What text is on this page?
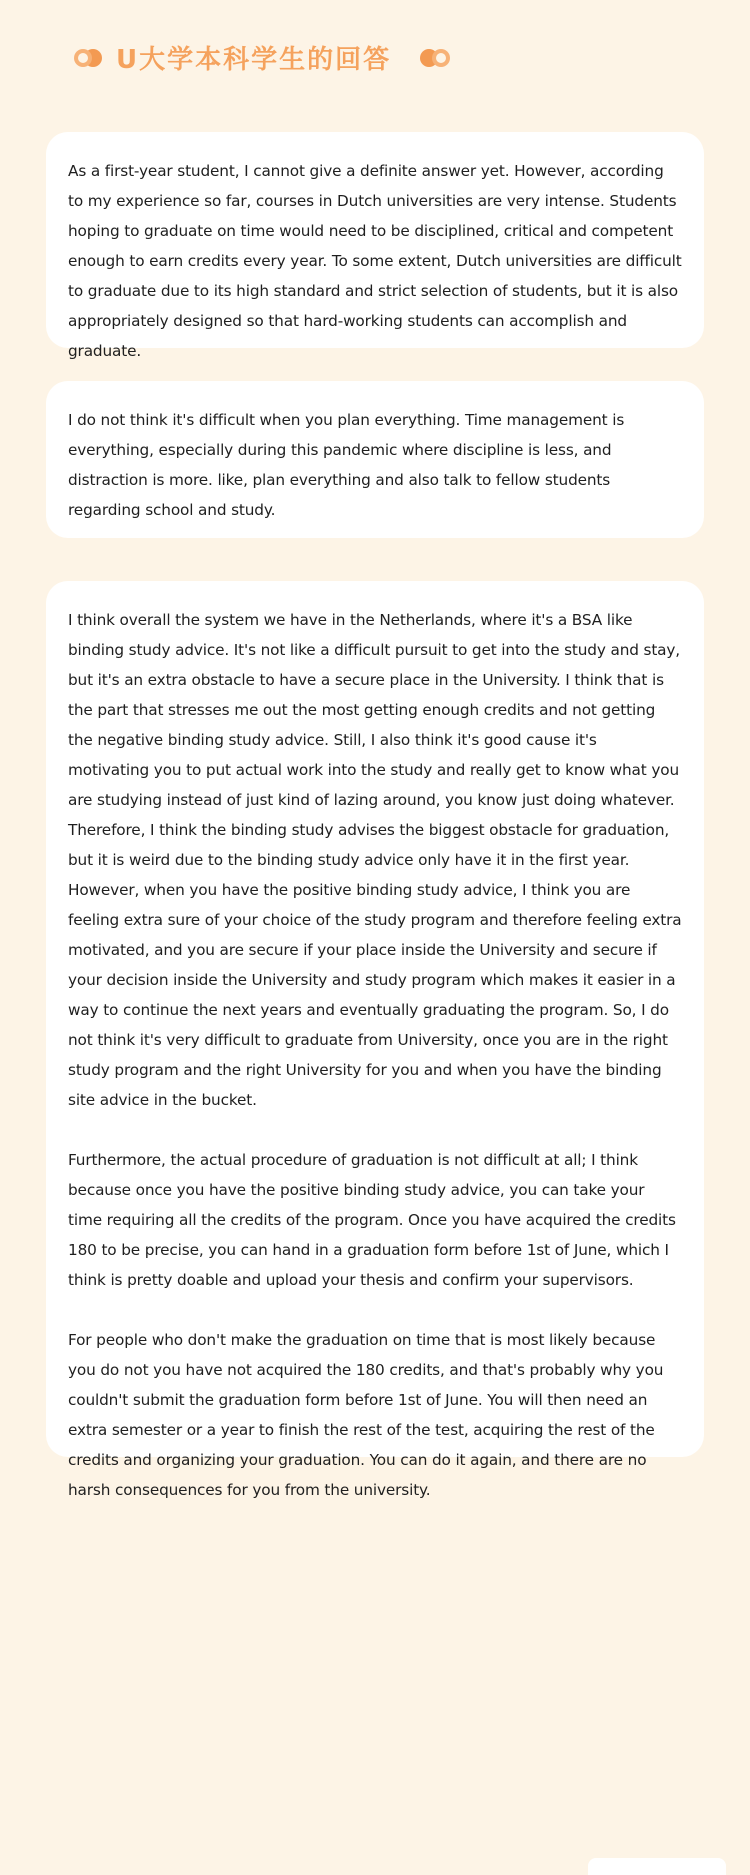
U大学本科学生的回答

As a first-year student, I cannot give a definite answer yet. However, according to my experience so far, courses in Dutch universities are very intense. Students hoping to graduate on time would need to be disciplined, critical and competent enough to earn credits every year. To some extent, Dutch universities are difficult to graduate due to its high standard and strict selection of students, but it is also appropriately designed so that hard-working students can accomplish and graduate.

I do not think it's difficult when you plan everything. Time management is everything, especially during this pandemic where discipline is less, and distraction is more. like, plan everything and also talk to fellow students regarding school and study.

I think overall the system we have in the Netherlands, where it's a BSA like binding study advice. It's not like a difficult pursuit to get into the study and stay, but it's an extra obstacle to have a secure place in the University. I think that is the part that stresses me out the most getting enough credits and not getting the negative binding study advice. Still, I also think it's good cause it's motivating you to put actual work into the study and really get to know what you are studying instead of just kind of lazing around, you know just doing whatever. Therefore, I think the binding study advises the biggest obstacle for graduation, but it is weird due to the binding study advice only have it in the first year. However, when you have the positive binding study advice, I think you are feeling extra sure of your choice of the study program and therefore feeling extra motivated, and you are secure if your place inside the University and secure if your decision inside the University and study program which makes it easier in a way to continue the next years and eventually graduating the program. So, I do not think it's very difficult to graduate from University, once you are in the right study program and the right University for you and when you have the binding site advice in the bucket.

Furthermore, the actual procedure of graduation is not difficult at all; I think because once you have the positive binding study advice, you can take your time requiring all the credits of the program. Once you have acquired the credits 180 to be precise, you can hand in a graduation form before 1st of June, which I think is pretty doable and upload your thesis and confirm your supervisors.

For people who don't make the graduation on time that is most likely because you do not you have not acquired the 180 credits, and that's probably why you couldn't submit the graduation form before 1st of June. You will then need an extra semester or a year to finish the rest of the test, acquiring the rest of the credits and organizing your graduation. You can do it again, and there are no harsh consequences for you from the university.
